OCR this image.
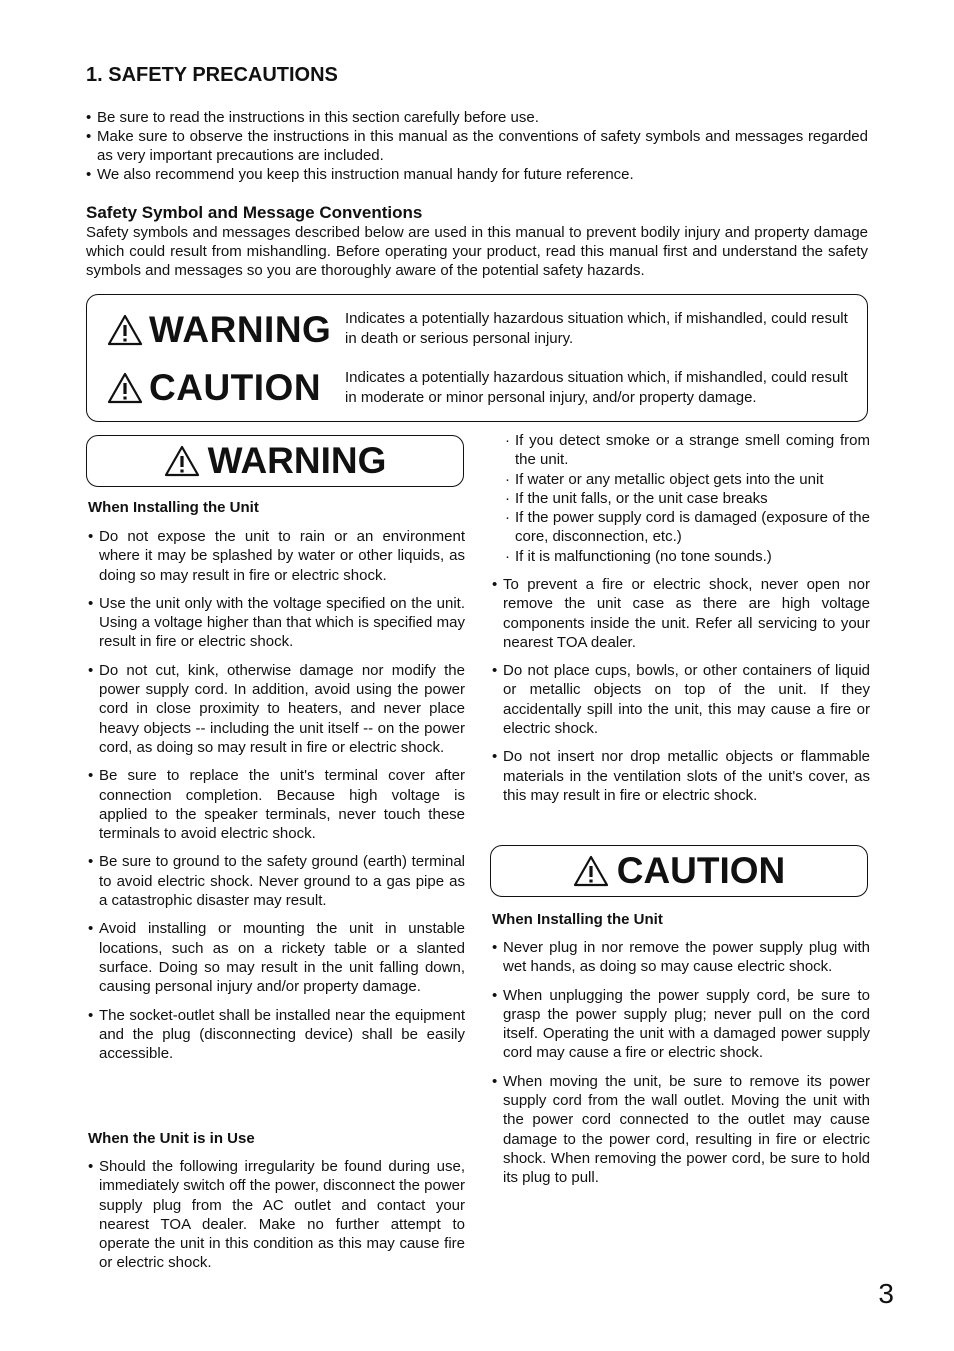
1. SAFETY PRECAUTIONS
• Be sure to read the instructions in this section carefully before use.
• Make sure to observe the instructions in this manual as the conventions of safety symbols and messages regarded as very important precautions are included.
• We also recommend you keep this instruction manual handy for future reference.
Safety Symbol and Message Conventions

Safety symbols and messages described below are used in this manual to prevent bodily injury and property damage which could result from mishandling. Before operating your product, read this manual first and understand the safety symbols and messages so you are thoroughly aware of the potential safety hazards.

WARNING Indicates a potentially hazardous situation which, if mishandled, could result in death or serious personal injury.

CAUTION Indicates a potentially hazardous situation which, if mishandled, could result in moderate or minor personal injury, and/or property damage.

WARNING

When Installing the Unit

• Do not expose the unit to rain or an environment where it may be splashed by water or other liquids, as doing so may result in fire or electric shock.
• Use the unit only with the voltage specified on the unit. Using a voltage higher than that which is specified may result in fire or electric shock.
• Do not cut, kink, otherwise damage nor modify the power supply cord. In addition, avoid using the power cord in close proximity to heaters, and never place heavy objects -- including the unit itself -- on the power cord, as doing so may result in fire or electric shock.
• Be sure to replace the unit's terminal cover after connection completion. Because high voltage is applied to the speaker terminals, never touch these terminals to avoid electric shock.
• Be sure to ground to the safety ground (earth) terminal to avoid electric shock. Never ground to a gas pipe as a catastrophic disaster may result.
• Avoid installing or mounting the unit in unstable locations, such as on a rickety table or a slanted surface. Doing so may result in the unit falling down, causing personal injury and/or property damage.
• The socket-outlet shall be installed near the equipment and the plug (disconnecting device) shall be easily accessible.

When the Unit is in Use

• Should the following irregularity be found during use, immediately switch off the power, disconnect the power supply plug from the AC outlet and contact your nearest TOA dealer. Make no further attempt to operate the unit in this condition as this may cause fire or electric shock.
· If you detect smoke or a strange smell coming from the unit.
· If water or any metallic object gets into the unit
· If the unit falls, or the unit case breaks
· If the power supply cord is damaged (exposure of the core, disconnection, etc.)
· If it is malfunctioning (no tone sounds.)
• To prevent a fire or electric shock, never open nor remove the unit case as there are high voltage components inside the unit. Refer all servicing to your nearest TOA dealer.
• Do not place cups, bowls, or other containers of liquid or metallic objects on top of the unit. If they accidentally spill into the unit, this may cause a fire or electric shock.
• Do not insert nor drop metallic objects or flammable materials in the ventilation slots of the unit's cover, as this may result in fire or electric shock.
CAUTION

When Installing the Unit

• Never plug in nor remove the power supply plug with wet hands, as doing so may cause electric shock.
• When unplugging the power supply cord, be sure to grasp the power supply plug; never pull on the cord itself. Operating the unit with a damaged power supply cord may cause a fire or electric shock.
• When moving the unit, be sure to remove its power supply cord from the wall outlet. Moving the unit with the power cord connected to the outlet may cause damage to the power cord, resulting in fire or electric shock. When removing the power cord, be sure to hold its plug to pull.
3
